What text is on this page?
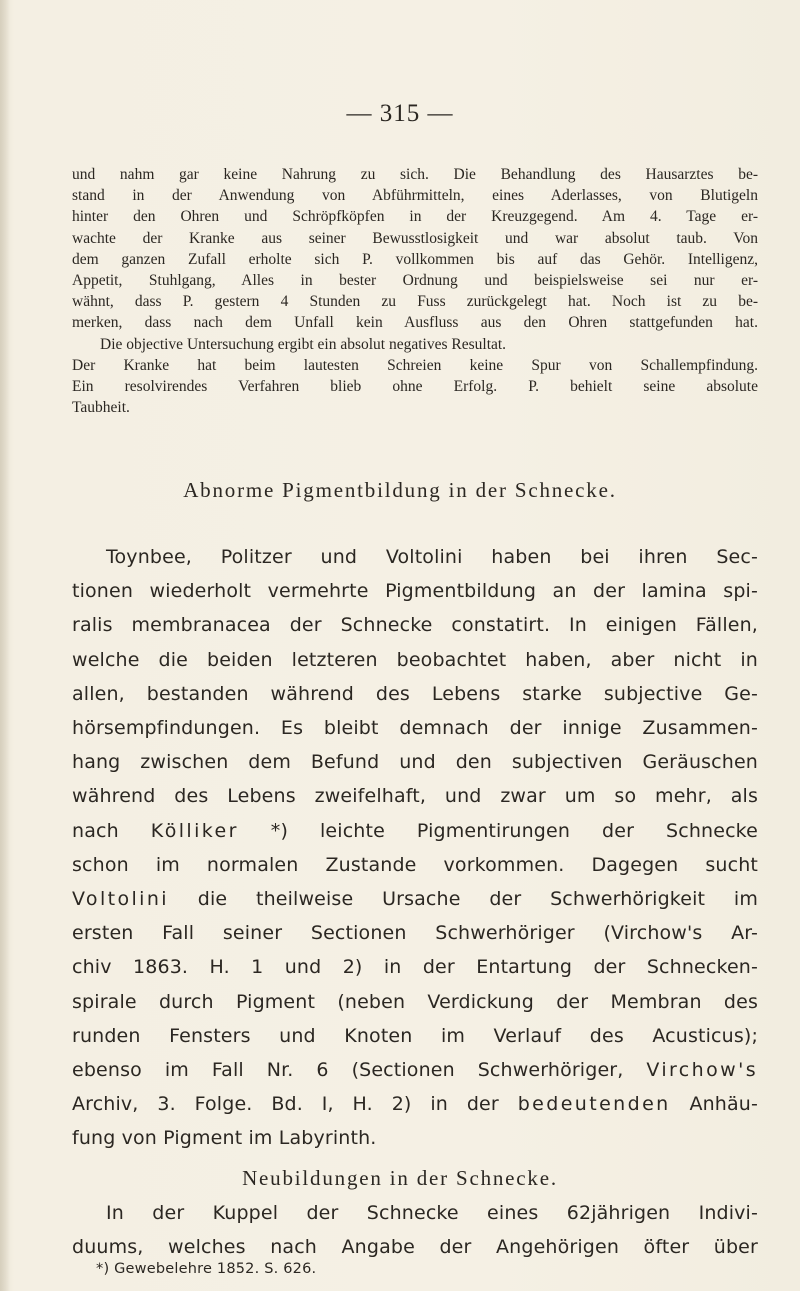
— 315 —
und nahm gar keine Nahrung zu sich. Die Behandlung des Hausarztes be-
stand in der Anwendung von Abführmitteln, eines Aderlasses, von Blutigeln
hinter den Ohren und Schröpfköpfen in der Kreuzgegend. Am 4. Tage er-
wachte der Kranke aus seiner Bewusstlosigkeit und war absolut taub. Von
dem ganzen Zufall erholte sich P. vollkommen bis auf das Gehör. Intelligenz,
Appetit, Stuhlgang, Alles in bester Ordnung und beispielsweise sei nur er-
wähnt, dass P. gestern 4 Stunden zu Fuss zurückgelegt hat. Noch ist zu be-
merken, dass nach dem Unfall kein Ausfluss aus den Ohren stattgefunden hat.
Die objective Untersuchung ergibt ein absolut negatives Resultat.
Der Kranke hat beim lautesten Schreien keine Spur von Schallempfindung.
Ein resolvirendes Verfahren blieb ohne Erfolg. P. behielt seine absolute
Taubheit.
Abnorme Pigmentbildung in der Schnecke.
Toynbee, Politzer und Voltolini haben bei ihren Sec-
tionen wiederholt vermehrte Pigmentbildung an der lamina spi-
ralis membranacea der Schnecke constatirt. In einigen Fällen,
welche die beiden letzteren beobachtet haben, aber nicht in
allen, bestanden während des Lebens starke subjective Ge-
hörsempfindungen. Es bleibt demnach der innige Zusammen-
hang zwischen dem Befund und den subjectiven Geräuschen
während des Lebens zweifelhaft, und zwar um so mehr, als
nach Kölliker *) leichte Pigmentirungen der Schnecke
schon im normalen Zustande vorkommen. Dagegen sucht
Voltolini die theilweise Ursache der Schwerhörigkeit im
ersten Fall seiner Sectionen Schwerhöriger (Virchow's Ar-
chiv 1863. H. 1 und 2) in der Entartung der Schnecken-
spirale durch Pigment (neben Verdickung der Membran des
runden Fensters und Knoten im Verlauf des Acusticus);
ebenso im Fall Nr. 6 (Sectionen Schwerhöriger, Virchow's
Archiv, 3. Folge. Bd. I, H. 2) in der bedeutenden Anhäu-
fung von Pigment im Labyrinth.
Neubildungen in der Schnecke.
In der Kuppel der Schnecke eines 62jährigen Indivi-
duums, welches nach Angabe der Angehörigen öfter über
*) Gewebelehre 1852. S. 626.
